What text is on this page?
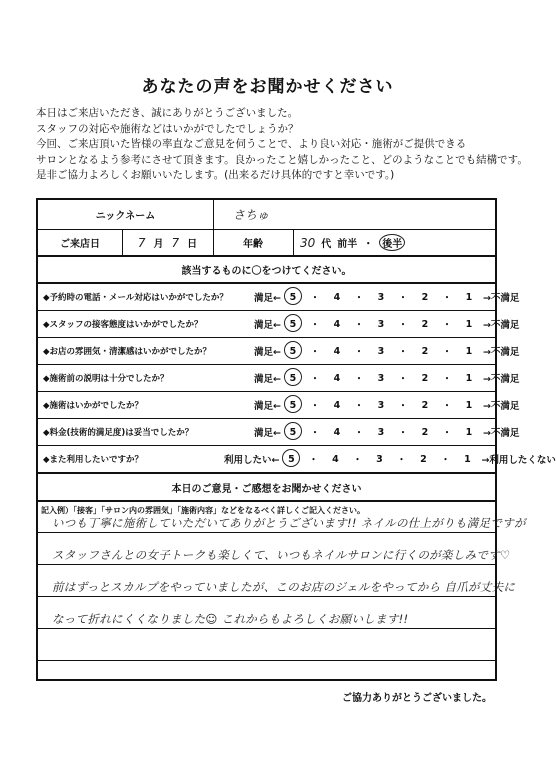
あなたの声をお聞かせください
本日はご来店いただき、誠にありがとうございました。
スタッフの対応や施術などはいかがでしたでしょうか？
今回、ご来店頂いた皆様の率直なご意見を伺うことで、より良い対応・施術がご提供できる
サロンとなるよう参考にさせて頂きます。良かったこと嬉しかったこと、どのようなことでも結構です。
是非ご協力よろしくお願いいたします。(出来るだけ具体的ですと幸いです。)
ニックネーム	さちゅ
ご来店日	7 月 7 日	年齢	30 代 前半 ・ 後半
該当するものに〇をつけてください。
◆予約時の電話・メール対応はいかがでしたか？	満足← 5	・	4	・	3	・	2	・	1	→不満足
◆スタッフの接客態度はいかがでしたか？	満足← 5	・	4	・	3	・	2	・	1	→不満足
◆お店の雰囲気・清潔感はいかがでしたか？	満足← 5	・	4	・	3	・	2	・	1	→不満足
◆施術前の説明は十分でしたか？	満足← 5	・	4	・	3	・	2	・	1	→不満足
◆施術はいかがでしたか？	満足← 5	・	4	・	3	・	2	・	1	→不満足
◆料金(技術的満足度)は妥当でしたか？	満足← 5	・	4	・	3	・	2	・	1	→不満足
◆また利用したいですか？	利用したい← 5	・	4	・	3	・	2	・	1	→利用したくない
本日のご意見・ご感想をお聞かせください
記入例）「接客」「サロン内の雰囲気」「施術内容」などをなるべく詳しくご記入ください。
いつも丁寧に施術していただいてありがとうございます!! ネイルの仕上がりも満足ですが
スタッフさんとの女子トークも楽しくて、いつもネイルサロンに行くのが楽しみです♡
前はずっとスカルプをやっていましたが、このお店のジェルをやってから 自爪が丈夫に
なって折れにくくなりました☺ これからもよろしくお願いします!!
ご協力ありがとうございました。
